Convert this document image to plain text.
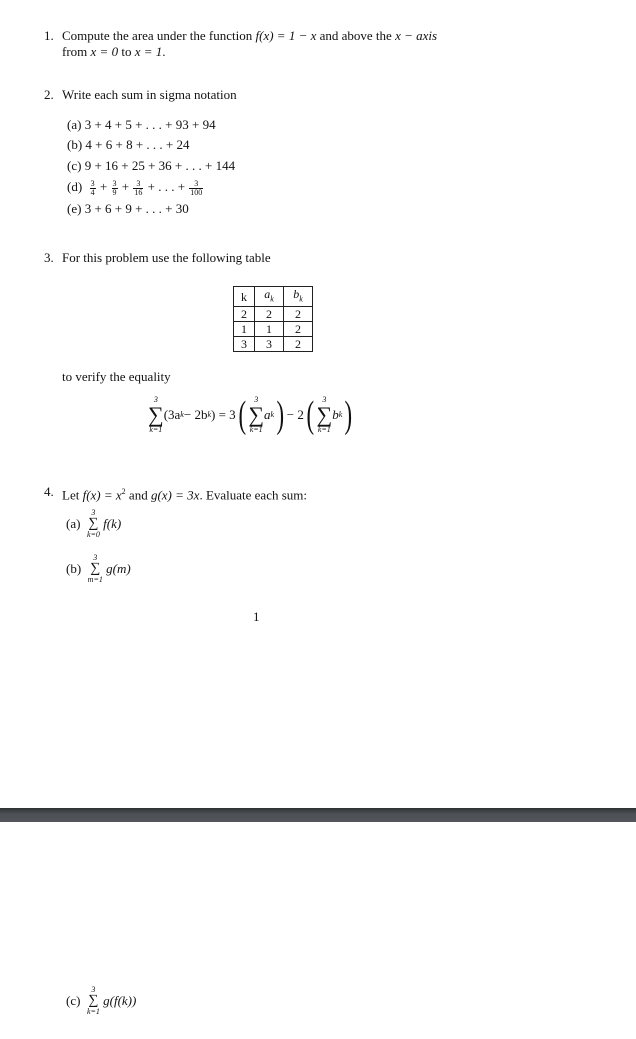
1. Compute the area under the function f(x) = 1 − x and above the x − axis
from x = 0 to x = 1.
2. Write each sum in sigma notation
(a) 3 + 4 + 5 + . . . + 93 + 94
(b) 4 + 6 + 8 + . . . + 24
(c) 9 + 16 + 25 + 36 + . . . + 144
$(d) \frac{3}{4} + \frac{3}{9} + \frac{3}{16}$ + . . . + $\frac{3}{100}$
(e) 3 + 6 + 9 + . . . + 30
3. For this problem use the following table
k	$a_k$	$b_k$
2	2	2
1	1	2
3	3	2
to verify the equality
3
∑
k=1
(3a k − 2b k ) = 3 ( 3
∑
k=1
a k ) − 2 ( 3
∑
k=1
b k )
4. Let $f(x) = x^2$ and g(x) = 3x. Evaluate each sum:
(a)

3
∑
k=0

f(k)
(b)

3
∑
m=1

g(m)
1
(c)

3
∑
k=1

g(f(k))
